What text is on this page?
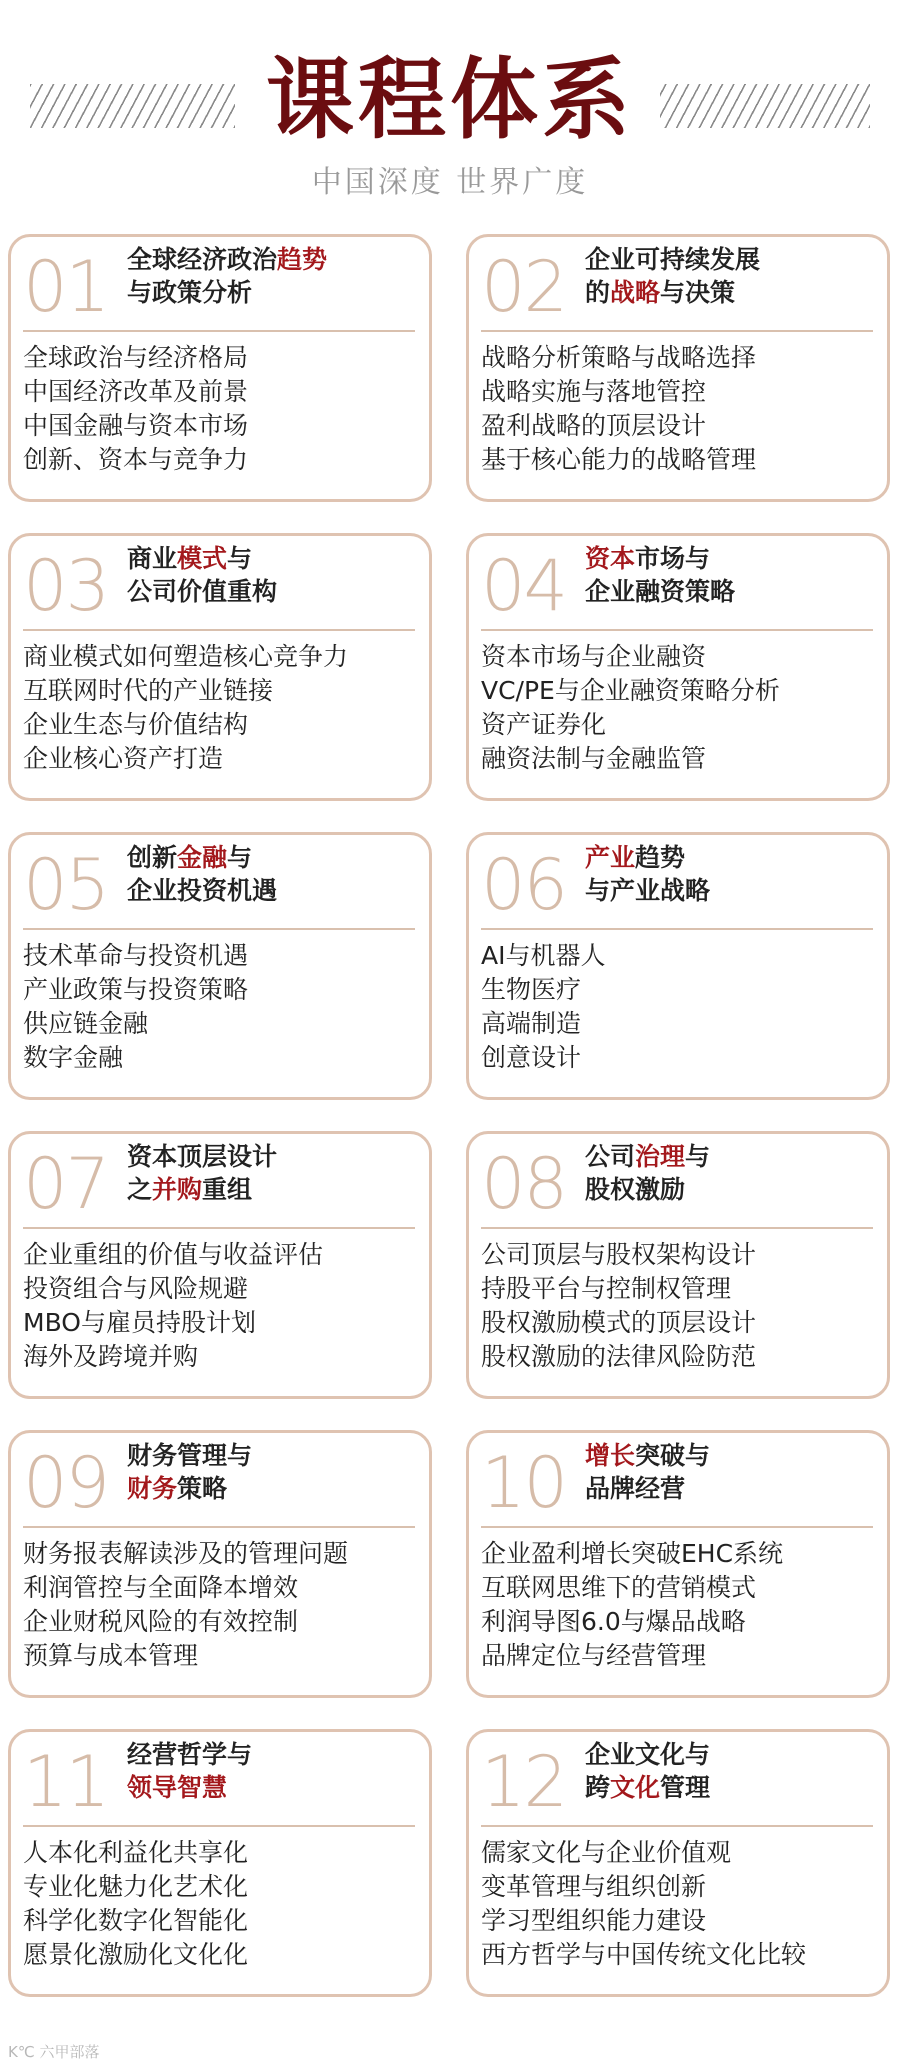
课程体系
中国深度 世界广度
01 全球经济政治趋势
与政策分析
全球政治与经济格局
中国经济改革及前景
中国金融与资本市场
创新、资本与竞争力
02 企业可持续发展
的战略与决策
战略分析策略与战略选择
战略实施与落地管控
盈利战略的顶层设计
基于核心能力的战略管理
03 商业模式与
公司价值重构
商业模式如何塑造核心竞争力
互联网时代的产业链接
企业生态与价值结构
企业核心资产打造
04 资本市场与
企业融资策略
资本市场与企业融资
VC/PE与企业融资策略分析
资产证券化
融资法制与金融监管
05 创新金融与
企业投资机遇
技术革命与投资机遇
产业政策与投资策略
供应链金融
数字金融
06 产业趋势
与产业战略
AI与机器人
生物医疗
高端制造
创意设计
07 资本顶层设计
之并购重组
企业重组的价值与收益评估
投资组合与风险规避
MBO与雇员持股计划
海外及跨境并购
08 公司治理与
股权激励
公司顶层与股权架构设计
持股平台与控制权管理
股权激励模式的顶层设计
股权激励的法律风险防范
09 财务管理与
财务策略
财务报表解读涉及的管理问题
利润管控与全面降本增效
企业财税风险的有效控制
预算与成本管理
10 增长突破与
品牌经营
企业盈利增长突破EHC系统
互联网思维下的营销模式
利润导图6.0与爆品战略
品牌定位与经营管理
11 经营哲学与
领导智慧
人本化利益化共享化
专业化魅力化艺术化
科学化数字化智能化
愿景化激励化文化化
12 企业文化与
跨文化管理
儒家文化与企业价值观
变革管理与组织创新
学习型组织能力建设
西方哲学与中国传统文化比较
K℃ 六甲部落
